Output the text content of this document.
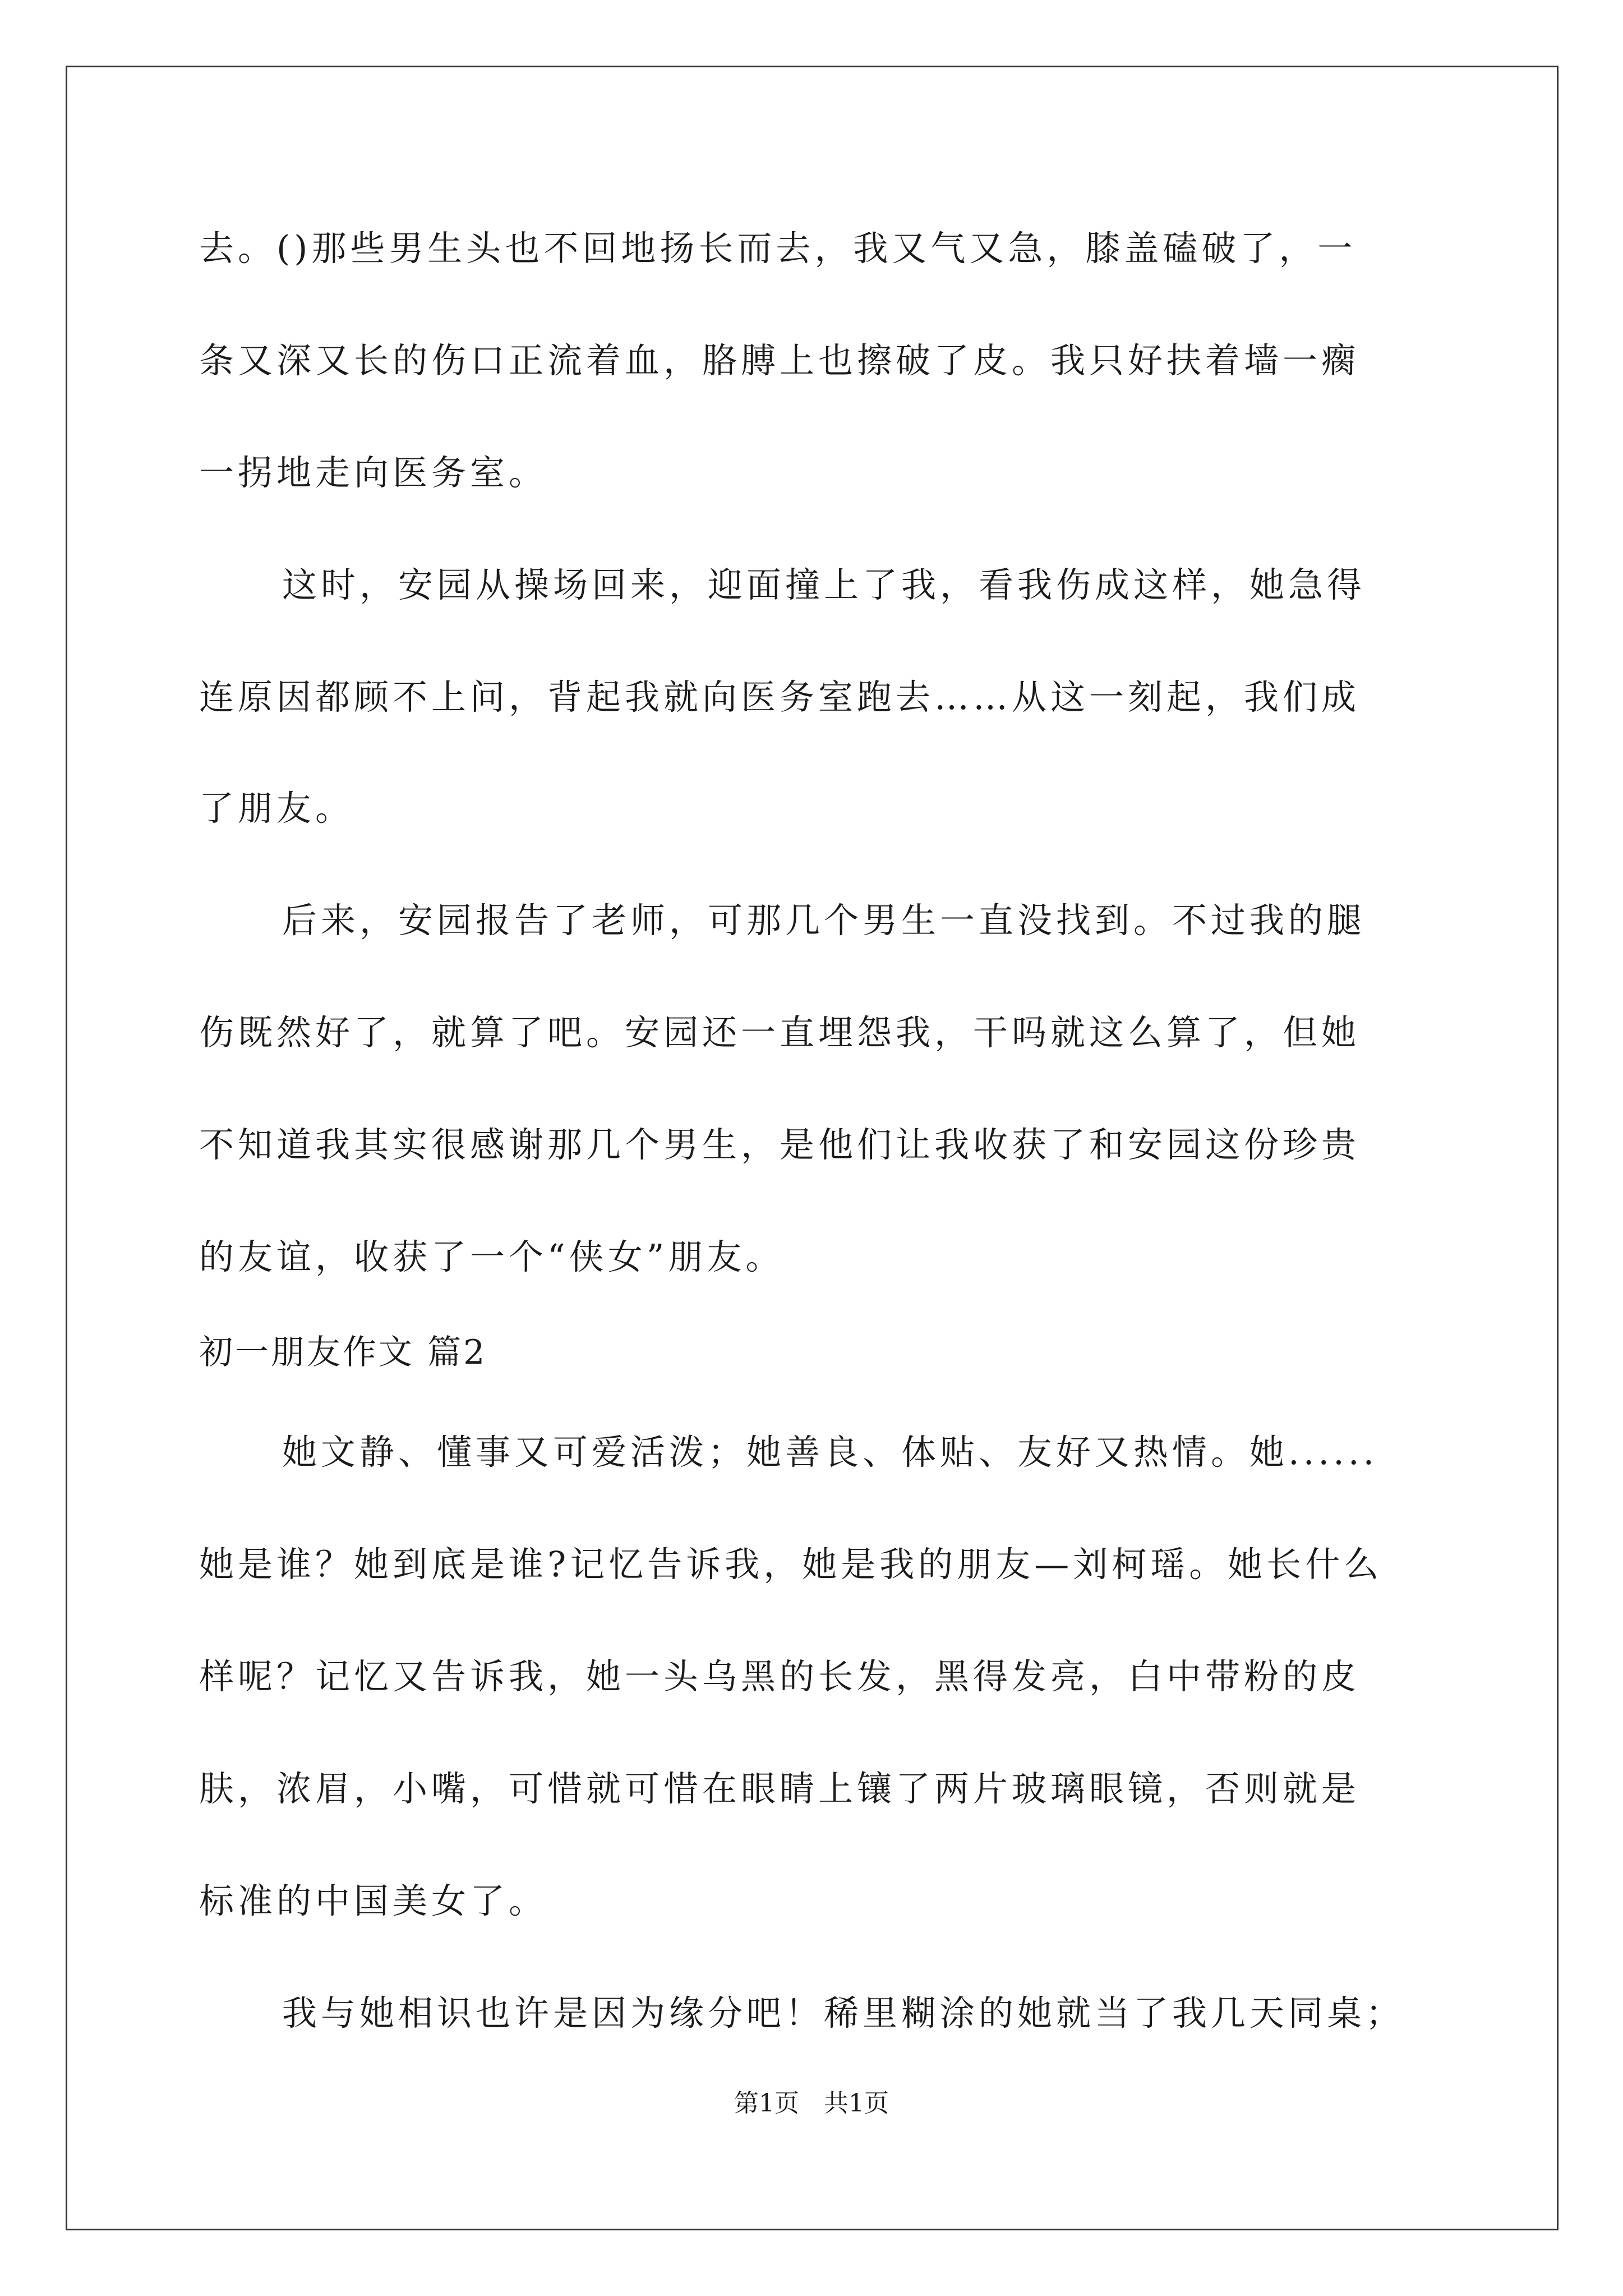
去。()那些男生头也不回地扬长而去，我又气又急，膝盖磕破了，一
条又深又长的伤口正流着血，胳膊上也擦破了皮。我只好扶着墙一瘸
一拐地走向医务室。
这时，安园从操场回来，迎面撞上了我，看我伤成这样，她急得
连原因都顾不上问，背起我就向医务室跑去……从这一刻起，我们成
了朋友。
后来，安园报告了老师，可那几个男生一直没找到。不过我的腿
伤既然好了，就算了吧。安园还一直埋怨我，干吗就这么算了，但她
不知道我其实很感谢那几个男生，是他们让我收获了和安园这份珍贵
的友谊，收获了一个“侠女”朋友。
初一朋友作文 篇2
她文静、懂事又可爱活泼；她善良、体贴、友好又热情。她......
她是谁？她到底是谁?记忆告诉我，她是我的朋友—刘柯瑶。她长什么
样呢？记忆又告诉我，她一头乌黑的长发，黑得发亮，白中带粉的皮
肤，浓眉，小嘴，可惜就可惜在眼睛上镶了两片玻璃眼镜，否则就是
标准的中国美女了。
我与她相识也许是因为缘分吧！稀里糊涂的她就当了我几天同桌；
第1页　共1页
